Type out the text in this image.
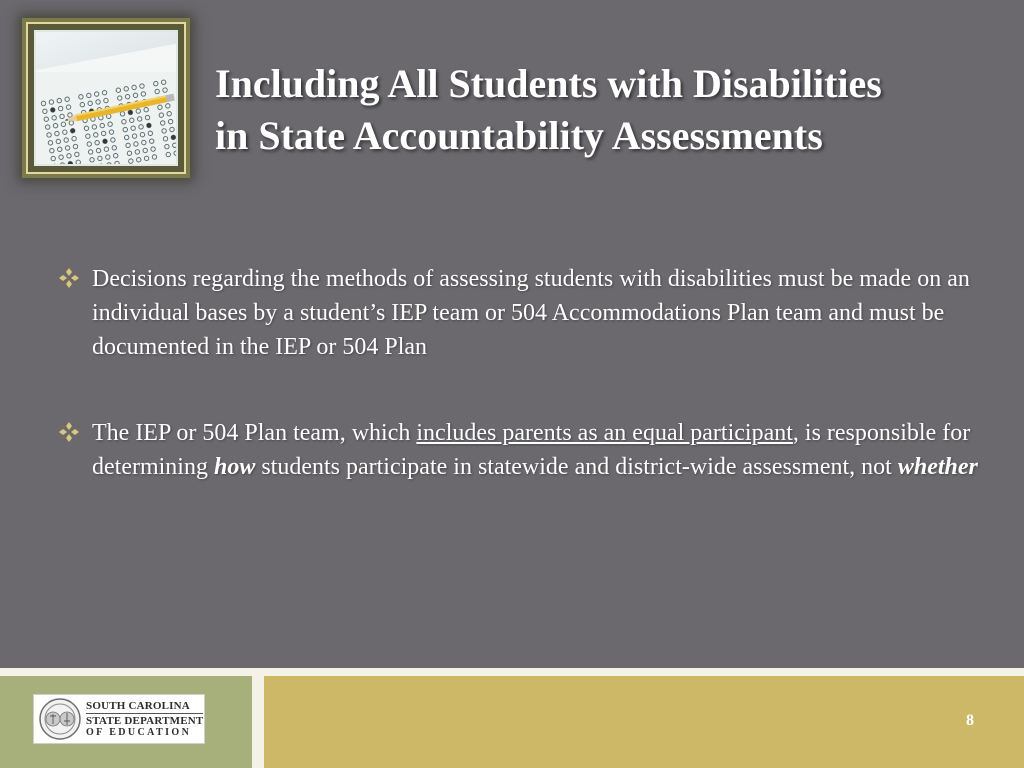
Including All Students with Disabilities
in State Accountability Assessments
Decisions regarding the methods of assessing students with disabilities must be made on an individual bases by a student’s IEP team or 504 Accommodations Plan team and must be documented in the IEP or 504 Plan
The IEP or 504 Plan team, which includes parents as an equal participant, is responsible for determining how students participate in statewide and district-wide assessment, not whether
SOUTH CAROLINA
STATE DEPARTMENT
OF EDUCATION
8
